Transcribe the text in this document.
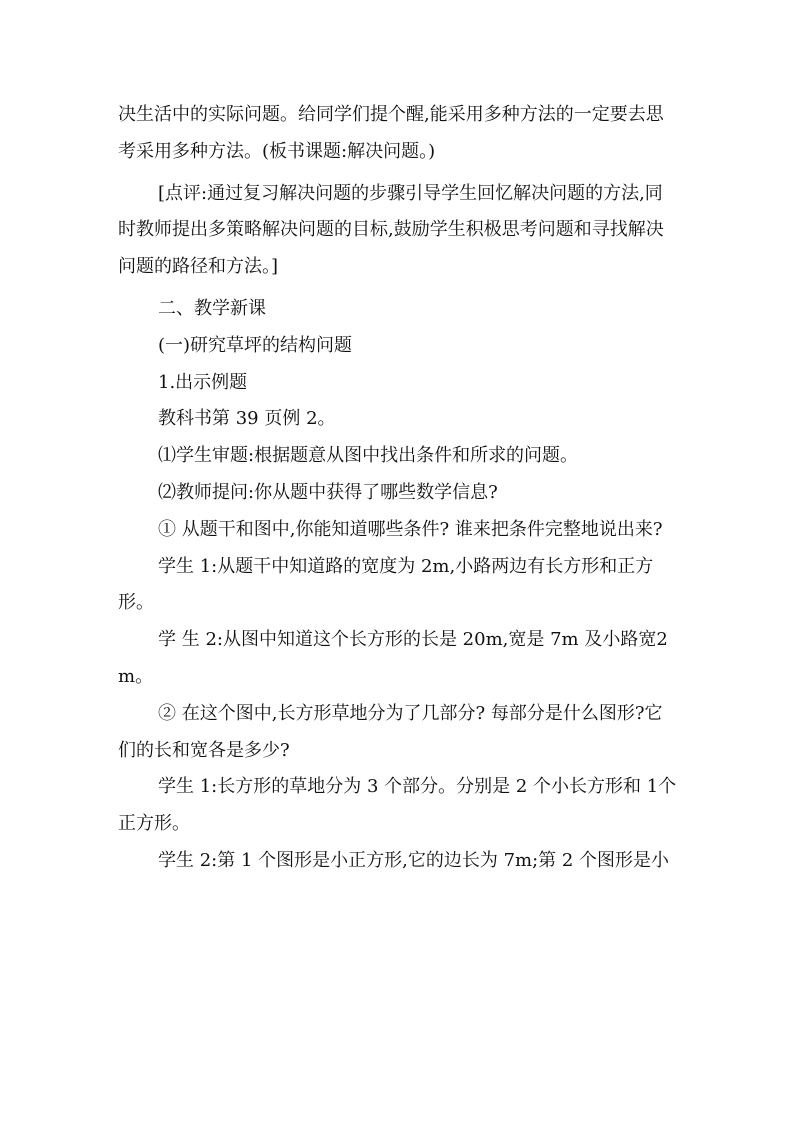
决生活中的实际问题。给同学们提个醒,能采用多种方法的一定要去思考采用多种方法。(板书课题:解决问题。)

[点评:通过复习解决问题的步骤引导学生回忆解决问题的方法,同时教师提出多策略解决问题的目标,鼓励学生积极思考问题和寻找解决问题的路径和方法。]

二、教学新课

(一)研究草坪的结构问题

1.出示例题

教科书第 39 页例 2。

⑴学生审题:根据题意从图中找出条件和所求的问题。

⑵教师提问:你从题中获得了哪些数学信息?

① 从题干和图中,你能知道哪些条件? 谁来把条件完整地说出来?

学生 1:从题干中知道路的宽度为 2m,小路两边有长方形和正方形。

学 生 2:从图中知道这个长方形的长是 20m,宽是 7m 及小路宽2m。

② 在这个图中,长方形草地分为了几部分? 每部分是什么图形?它们的长和宽各是多少?

学生 1:长方形的草地分为 3 个部分。分别是 2 个小长方形和 1个正方形。

学生 2:第 1 个图形是小正方形,它的边长为 7m;第 2 个图形是小
